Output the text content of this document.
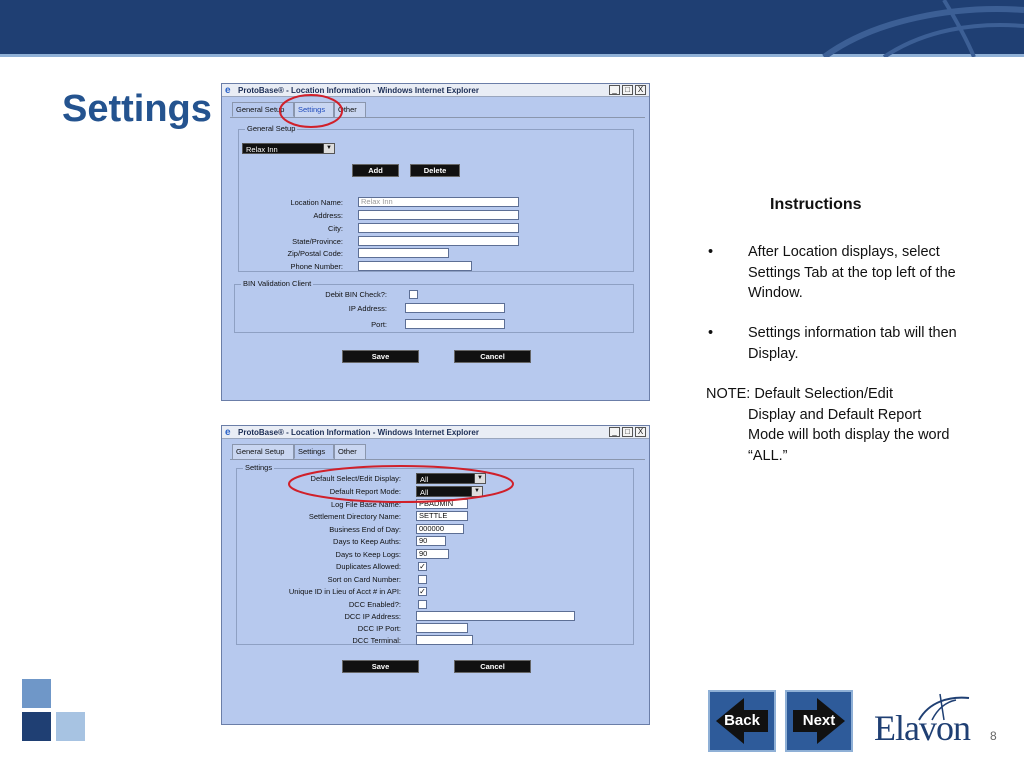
Settings e ProtoBase® - Location Information - Windows Internet Explorer	_	□ X
General Setup	Settings	Other
General Setup
Relax Inn	▼
Add	Delete
Location Name:	Relax Inn
Address:
City:
State/Province:
Zip/Postal Code:
Phone Number:
BIN Validation Client
Debit BIN Check?:
IP Address:
Port:
Save	Cancel
e ProtoBase® - Location Information - Windows Internet Explorer	_	□ X
General Setup	Settings	Other
Settings
Default Select/Edit Display:	All	▼
Default Report Mode:	All	▼
Log File Base Name:	PBADMIN
Settlement Directory Name:	SETTLE
Business End of Day:	000000
Days to Keep Auths:	90
Days to Keep Logs:	90
Duplicates Allowed: ✓
Sort on Card Number:
Unique ID in Lieu of Acct # in API: ✓
DCC Enabled?:
DCC IP Address:
DCC IP Port:
DCC Terminal:
Save	Cancel
Instructions
• After Location displays, select Settings Tab at the top left of the Window.
• Settings information tab will then Display.
NOTE: Default Selection/Edit
Display and Default Report Mode will both display the word “ALL.”
Back	Next	Elavon 8
